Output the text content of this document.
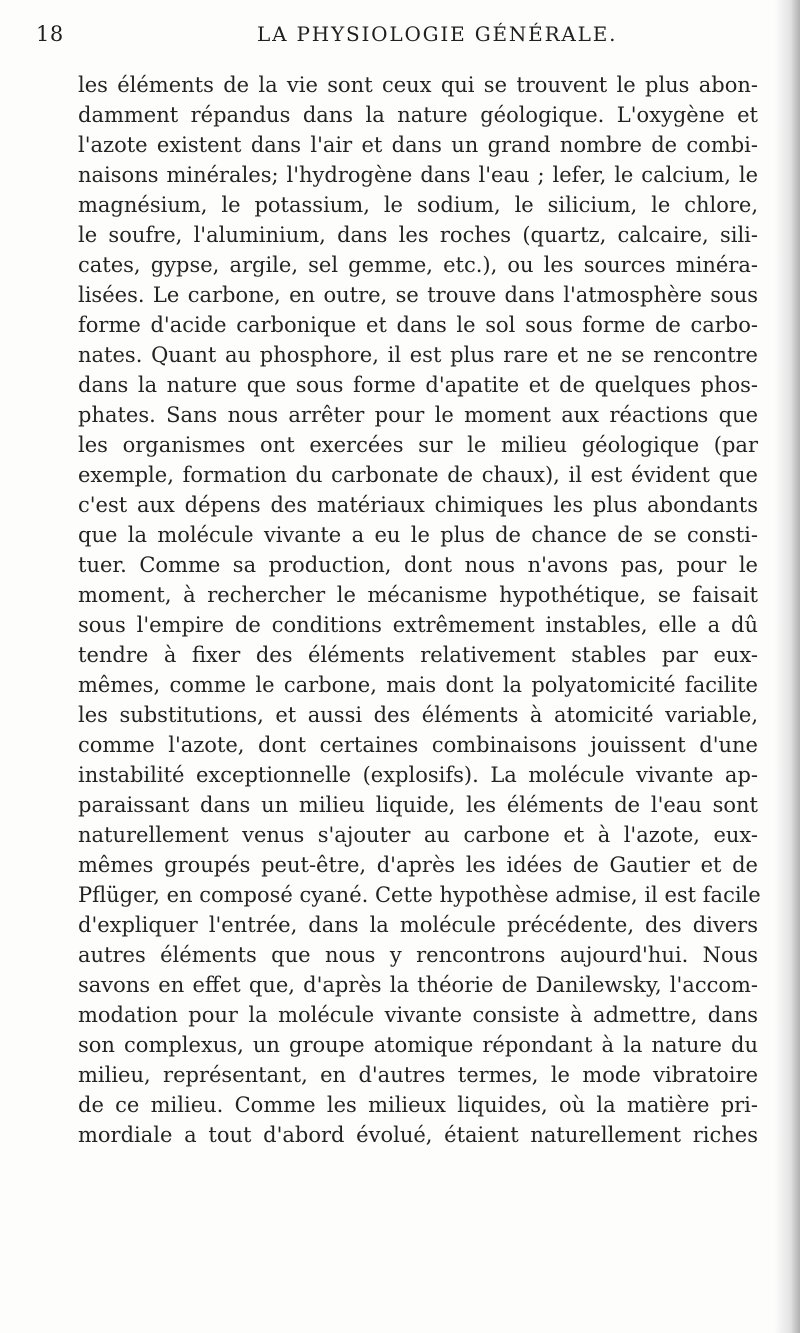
18	LA PHYSIOLOGIE GÉNÉRALE.
les éléments de la vie sont ceux qui se trouvent le plus abon-
damment répandus dans la nature géologique. L'oxygène et
l'azote existent dans l'air et dans un grand nombre de combi-
naisons minérales; l'hydrogène dans l'eau ; lefer, le calcium, le
magnésium, le potassium, le sodium, le silicium, le chlore,
le soufre, l'aluminium, dans les roches (quartz, calcaire, sili-
cates, gypse, argile, sel gemme, etc.), ou les sources minéra-
lisées. Le carbone, en outre, se trouve dans l'atmosphère sous
forme d'acide carbonique et dans le sol sous forme de carbo-
nates. Quant au phosphore, il est plus rare et ne se rencontre
dans la nature que sous forme d'apatite et de quelques phos-
phates. Sans nous arrêter pour le moment aux réactions que
les organismes ont exercées sur le milieu géologique (par
exemple, formation du carbonate de chaux), il est évident que
c'est aux dépens des matériaux chimiques les plus abondants
que la molécule vivante a eu le plus de chance de se consti-
tuer. Comme sa production, dont nous n'avons pas, pour le
moment, à rechercher le mécanisme hypothétique, se faisait
sous l'empire de conditions extrêmement instables, elle a dû
tendre à fixer des éléments relativement stables par eux-
mêmes, comme le carbone, mais dont la polyatomicité facilite
les substitutions, et aussi des éléments à atomicité variable,
comme l'azote, dont certaines combinaisons jouissent d'une
instabilité exceptionnelle (explosifs). La molécule vivante ap-
paraissant dans un milieu liquide, les éléments de l'eau sont
naturellement venus s'ajouter au carbone et à l'azote, eux-
mêmes groupés peut-être, d'après les idées de Gautier et de
Pflüger, en composé cyané. Cette hypothèse admise, il est facile
d'expliquer l'entrée, dans la molécule précédente, des divers
autres éléments que nous y rencontrons aujourd'hui. Nous
savons en effet que, d'après la théorie de Danilewsky, l'accom-
modation pour la molécule vivante consiste à admettre, dans
son complexus, un groupe atomique répondant à la nature du
milieu, représentant, en d'autres termes, le mode vibratoire
de ce milieu. Comme les milieux liquides, où la matière pri-
mordiale a tout d'abord évolué, étaient naturellement riches
